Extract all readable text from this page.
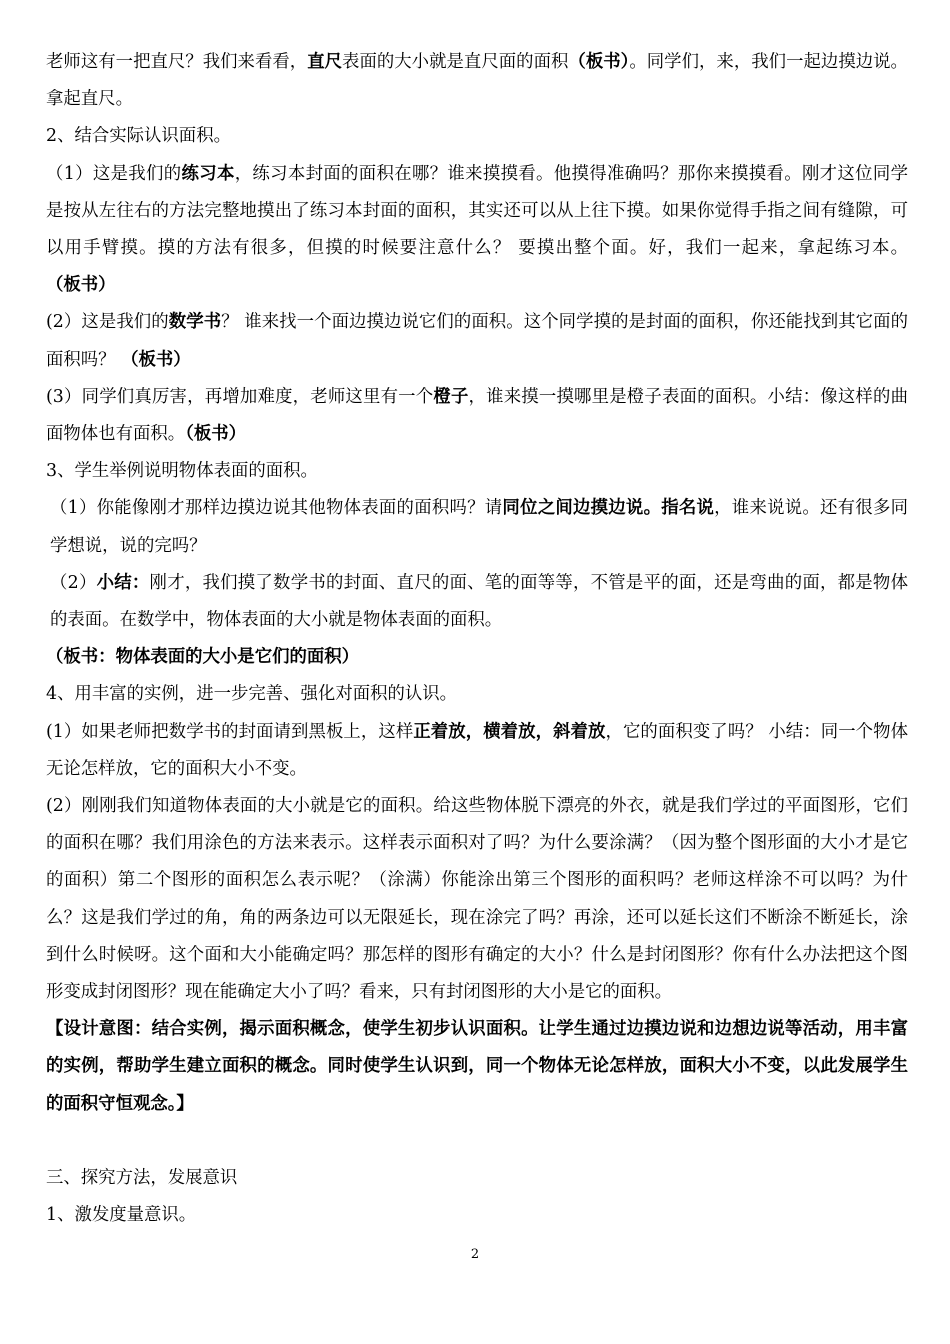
老师这有一把直尺？我们来看看，直尺表面的大小就是直尺面的面积（板书）。同学们，来，我们一起边摸边说。拿起直尺。

2、结合实际认识面积。

（1）这是我们的练习本，练习本封面的面积在哪？谁来摸摸看。他摸得准确吗？那你来摸摸看。刚才这位同学是按从左往右的方法完整地摸出了练习本封面的面积，其实还可以从上往下摸。如果你觉得手指之间有缝隙，可以用手臂摸。摸的方法有很多，但摸的时候要注意什么？ 要摸出整个面。好，我们一起来，拿起练习本。（板书）

(2）这是我们的数学书？ 谁来找一个面边摸边说它们的面积。这个同学摸的是封面的面积，你还能找到其它面的面积吗？ （板书）

(3）同学们真厉害，再增加难度，老师这里有一个橙子，谁来摸一摸哪里是橙子表面的面积。小结：像这样的曲面物体也有面积。（板书）

3、学生举例说明物体表面的面积。

（1）你能像刚才那样边摸边说其他物体表面的面积吗？请同位之间边摸边说。指名说，谁来说说。还有很多同学想说，说的完吗？

（2）小结：刚才，我们摸了数学书的封面、直尺的面、笔的面等等，不管是平的面，还是弯曲的面，都是物体的表面。在数学中，物体表面的大小就是物体表面的面积。

（板书：物体表面的大小是它们的面积）

4、用丰富的实例，进一步完善、强化对面积的认识。

(1）如果老师把数学书的封面请到黑板上，这样正着放，横着放，斜着放，它的面积变了吗？ 小结：同一个物体无论怎样放，它的面积大小不变。

(2）刚刚我们知道物体表面的大小就是它的面积。给这些物体脱下漂亮的外衣，就是我们学过的平面图形，它们的面积在哪？我们用涂色的方法来表示。这样表示面积对了吗？为什么要涂满？（因为整个图形面的大小才是它的面积）第二个图形的面积怎么表示呢？（涂满）你能涂出第三个图形的面积吗？老师这样涂不可以吗？为什么？这是我们学过的角，角的两条边可以无限延长，现在涂完了吗？再涂，还可以延长这们不断涂不断延长，涂到什么时候呀。这个面和大小能确定吗？那怎样的图形有确定的大小？什么是封闭图形？你有什么办法把这个图形变成封闭图形？现在能确定大小了吗？看来，只有封闭图形的大小是它的面积。

【设计意图：结合实例，揭示面积概念，使学生初步认识面积。让学生通过边摸边说和边想边说等活动，用丰富的实例，帮助学生建立面积的概念。同时使学生认识到，同一个物体无论怎样放，面积大小不变，以此发展学生的面积守恒观念。】

三、探究方法，发展意识

1、激发度量意识。

2
